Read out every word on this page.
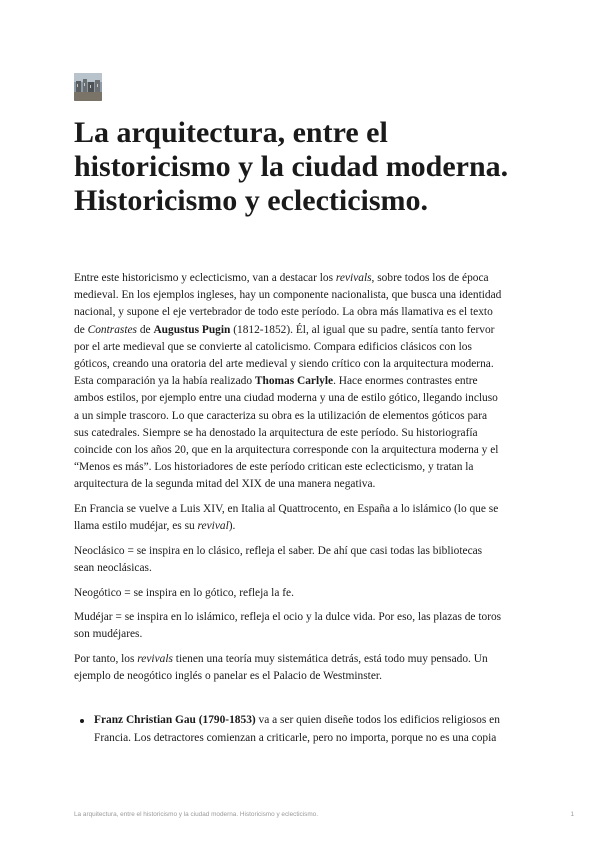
La arquitectura, entre el
historicismo y la ciudad moderna.
Historicismo y eclecticismo.

Entre este historicismo y eclecticismo, van a destacar los revivals, sobre todos los de época
medieval. En los ejemplos ingleses, hay un componente nacionalista, que busca una identidad
nacional, y supone el eje vertebrador de todo este período. La obra más llamativa es el texto
de Contrastes de Augustus Pugin (1812-1852). Él, al igual que su padre, sentía tanto fervor
por el arte medieval que se convierte al catolicismo. Compara edificios clásicos con los
góticos, creando una oratoria del arte medieval y siendo crítico con la arquitectura moderna.
Esta comparación ya la había realizado Thomas Carlyle. Hace enormes contrastes entre
ambos estilos, por ejemplo entre una ciudad moderna y una de estilo gótico, llegando incluso
a un simple trascoro. Lo que caracteriza su obra es la utilización de elementos góticos para
sus catedrales. Siempre se ha denostado la arquitectura de este período. Su historiografía
coincide con los años 20, que en la arquitectura corresponde con la arquitectura moderna y el
“Menos es más”. Los historiadores de este período critican este eclecticismo, y tratan la
arquitectura de la segunda mitad del XIX de una manera negativa.

En Francia se vuelve a Luis XIV, en Italia al Quattrocento, en España a lo islámico (lo que se
llama estilo mudéjar, es su revival).

Neoclásico = se inspira en lo clásico, refleja el saber. De ahí que casi todas las bibliotecas
sean neoclásicas.

Neogótico = se inspira en lo gótico, refleja la fe.

Mudéjar = se inspira en lo islámico, refleja el ocio y la dulce vida. Por eso, las plazas de toros
son mudéjares.

Por tanto, los revivals tienen una teoría muy sistemática detrás, está todo muy pensado. Un
ejemplo de neogótico inglés o panelar es el Palacio de Westminster.

Franz Christian Gau (1790-1853) va a ser quien diseñe todos los edificios religiosos en
Francia. Los detractores comienzan a criticarle, pero no importa, porque no es una copia
La arquitectura, entre el historicismo y la ciudad moderna. Historicismo y eclecticismo.	1
